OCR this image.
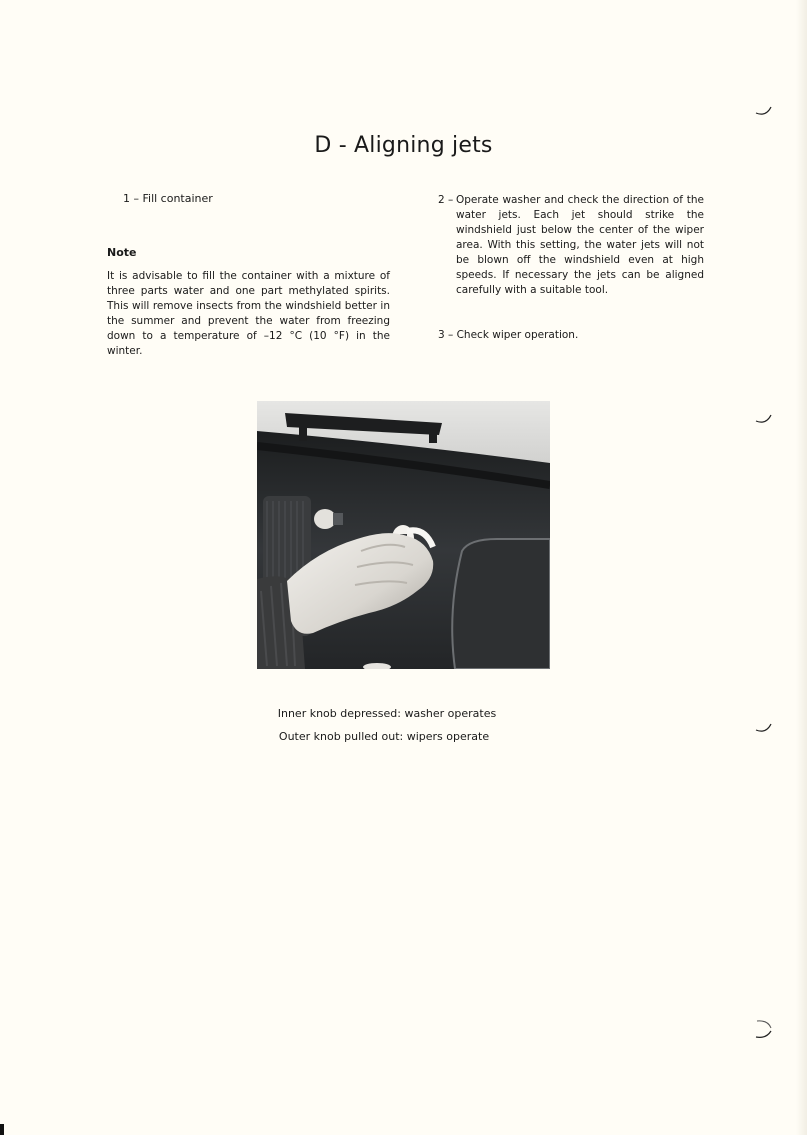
D - Aligning jets
1 – Fill container
Note
It is advisable to fill the container with a mixture of three parts water and one part methylated spirits. This will remove insects from the windshield better in the summer and prevent the water from freezing down to a temperature of –12 °C (10 °F) in the winter.
2 – Operate washer and check the direction of the water jets. Each jet should strike the windshield just below the center of the wiper area. With this setting, the water jets will not be blown off the windshield even at high speeds. If necessary the jets can be aligned carefully with a suitable tool.
3 – Check wiper operation.
Inner knob depressed: washer operates
Outer knob pulled out: wipers operate
